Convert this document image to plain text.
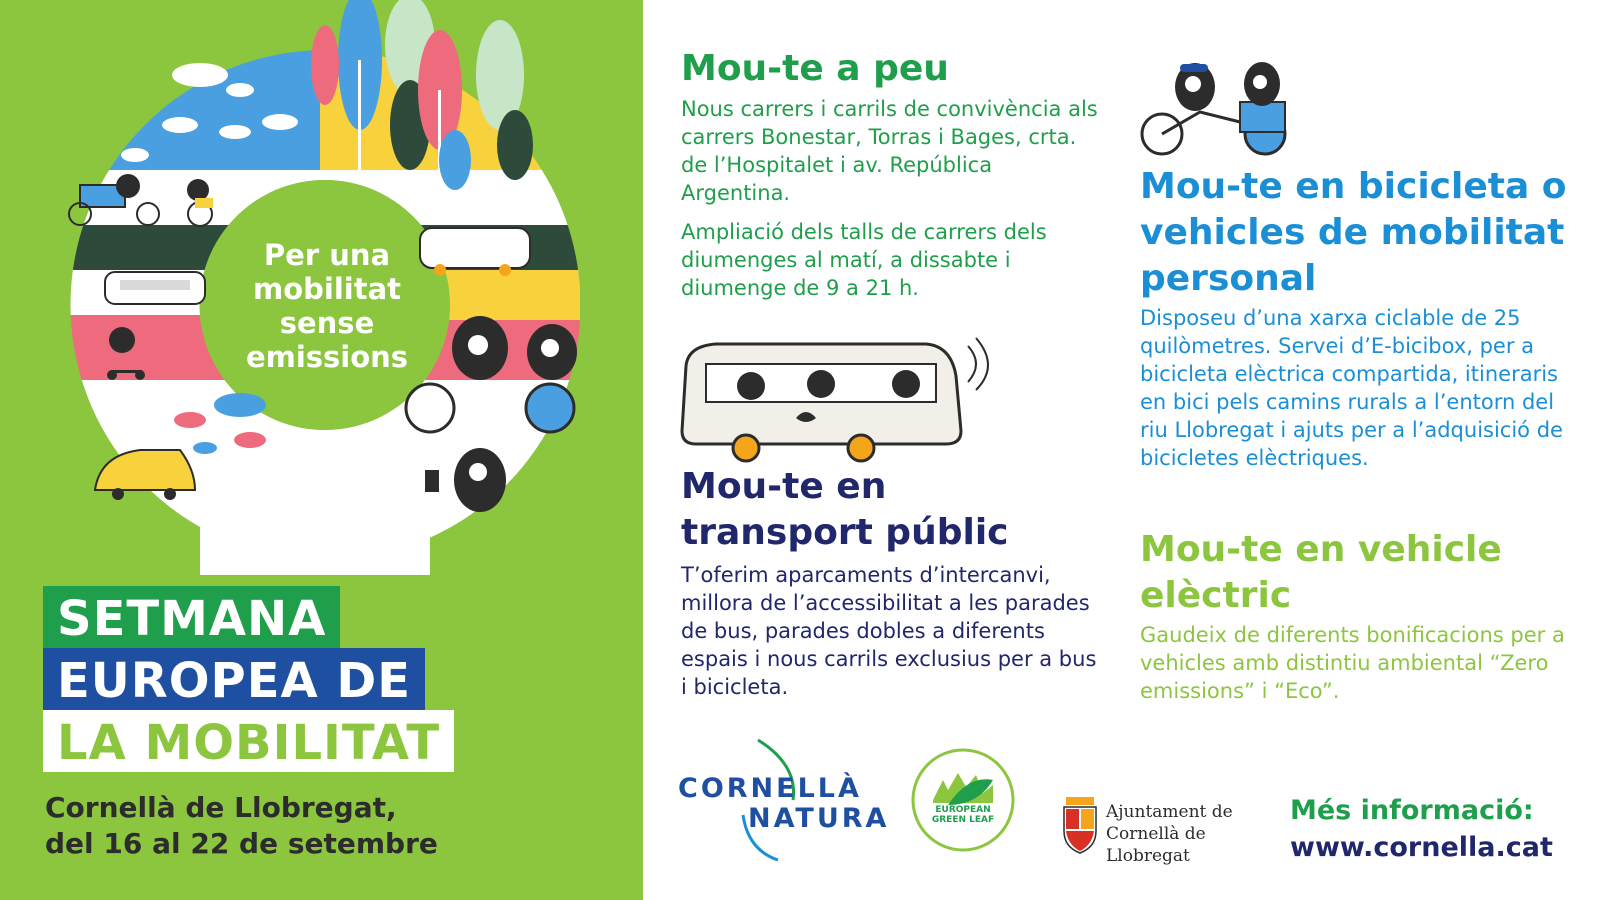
Per una mobilitat sense emissions
SETMANA
EUROPEA DE
LA MOBILITAT
Cornellà de Llobregat,
del 16 al 22 de setembre
Mou-te a peu
Nous carrers i carrils de convivència als carrers Bonestar, Torras i Bages, crta. de l’Hospitalet i av. República Argentina.
Ampliació dels talls de carrers dels diumenges al matí, a dissabte i diumenge de 9 a 21 h.
Mou-te en transport públic
T’oferim aparcaments d’intercanvi, millora de l’accessibilitat a les parades de bus, parades dobles a diferents espais i nous carrils exclusius per a bus i bicicleta.
Mou-te en bicicleta o vehicles de mobilitat personal
Disposeu d’una xarxa ciclable de 25 quilòmetres. Servei d’E-bicibox, per a bicicleta elèctrica compartida, itineraris en bici pels camins rurals a l’entorn del riu Llobregat i ajuts per a l’adquisició de bicicletes elèctriques.
Mou-te en vehicle elèctric
Gaudeix de diferents bonificacions per a vehicles amb distintiu ambiental “Zero emissions” i “Eco”.
CORNELLÀ
NATURA	EUROPEAN GREEN LEAF	Ajuntament de
Cornellà de Llobregat
Més informació:
www.cornella.cat
